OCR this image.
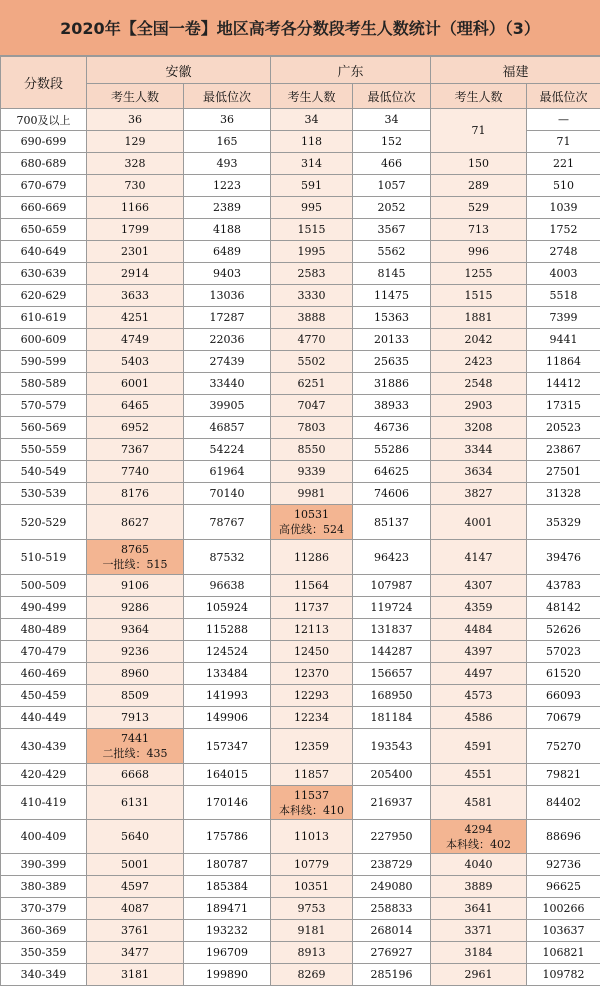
2020年【全国一卷】地区高考各分数段考生人数统计（理科）（3）
分数段	安徽		广东		福建	
	考生人数	最低位次	考生人数	最低位次	考生人数	最低位次
700及以上	36	36	34	34	71	—
690-699	129	165	118	152		71
680-689	328	493	314	466	150	221
670-679	730	1223	591	1057	289	510
660-669	1166	2389	995	2052	529	1039
650-659	1799	4188	1515	3567	713	1752
640-649	2301	6489	1995	5562	996	2748
630-639	2914	9403	2583	8145	1255	4003
620-629	3633	13036	3330	11475	1515	5518
610-619	4251	17287	3888	15363	1881	7399
600-609	4749	22036	4770	20133	2042	9441
590-599	5403	27439	5502	25635	2423	11864
580-589	6001	33440	6251	31886	2548	14412
570-579	6465	39905	7047	38933	2903	17315
560-569	6952	46857	7803	46736	3208	20523
550-559	7367	54224	8550	55286	3344	23867
540-549	7740	61964	9339	64625	3634	27501
530-539	8176	70140	9981	74606	3827	31328
520-529	8627	78767	10531
高优线：524	85137	4001	35329
510-519	8765
一批线：515	87532	11286	96423	4147	39476
500-509	9106	96638	11564	107987	4307	43783
490-499	9286	105924	11737	119724	4359	48142
480-489	9364	115288	12113	131837	4484	52626
470-479	9236	124524	12450	144287	4397	57023
460-469	8960	133484	12370	156657	4497	61520
450-459	8509	141993	12293	168950	4573	66093
440-449	7913	149906	12234	181184	4586	70679
430-439	7441
二批线：435	157347	12359	193543	4591	75270
420-429	6668	164015	11857	205400	4551	79821
410-419	6131	170146	11537
本科线：410	216937	4581	84402
400-409	5640	175786	11013	227950	4294
本科线：402	88696
390-399	5001	180787	10779	238729	4040	92736
380-389	4597	185384	10351	249080	3889	96625
370-379	4087	189471	9753	258833	3641	100266
360-369	3761	193232	9181	268014	3371	103637
350-359	3477	196709	8913	276927	3184	106821
340-349	3181	199890	8269	285196	2961	109782
